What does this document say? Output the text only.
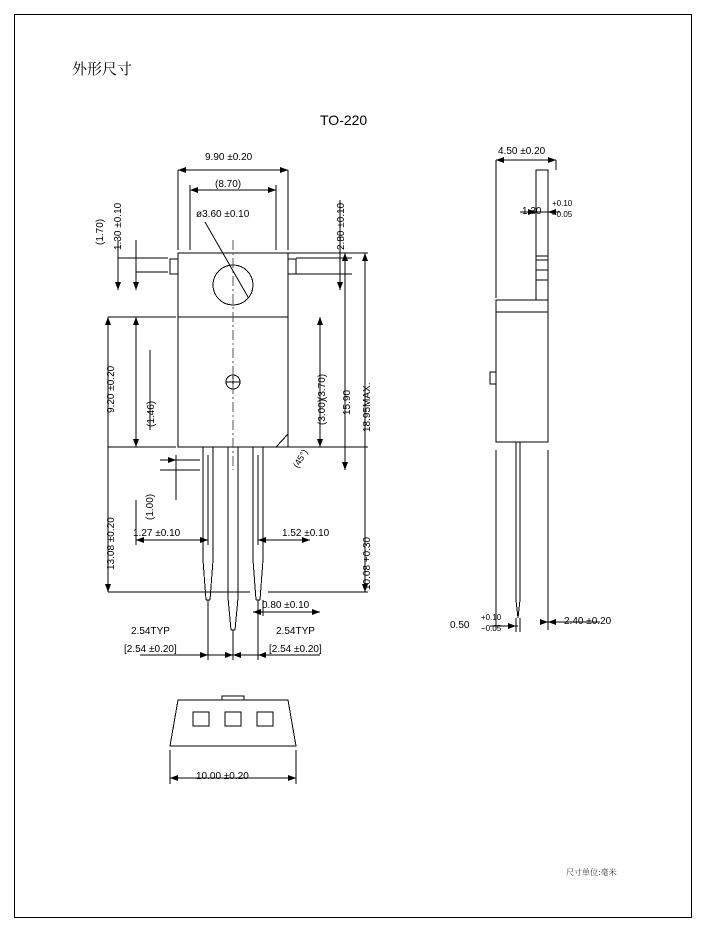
外形尺寸
TO-220
9.90 ±0.20
(8.70)
ø3.60 ±0.10
(1.70) 1.30 ±0.10	2.80 ±0.10
9.20 ±0.20
(1.46)
13.08 ±0.20
(1.00)
1.27 ±0.10	1.52 ±0.10
0.80 ±0.10
(3.70)
(3.00) 15.90 18.95MAX.
10.08 +0.30
(45°)
2.54TYP
[2.54 ±0.20]
2.54TYP
[2.54 ±0.20]
4.50 ±0.20
1.30
+0.10
−0.05
0.50
+0.10
−0.05
2.40 ±0.20
10.00 ±0.20
尺寸单位:毫米
